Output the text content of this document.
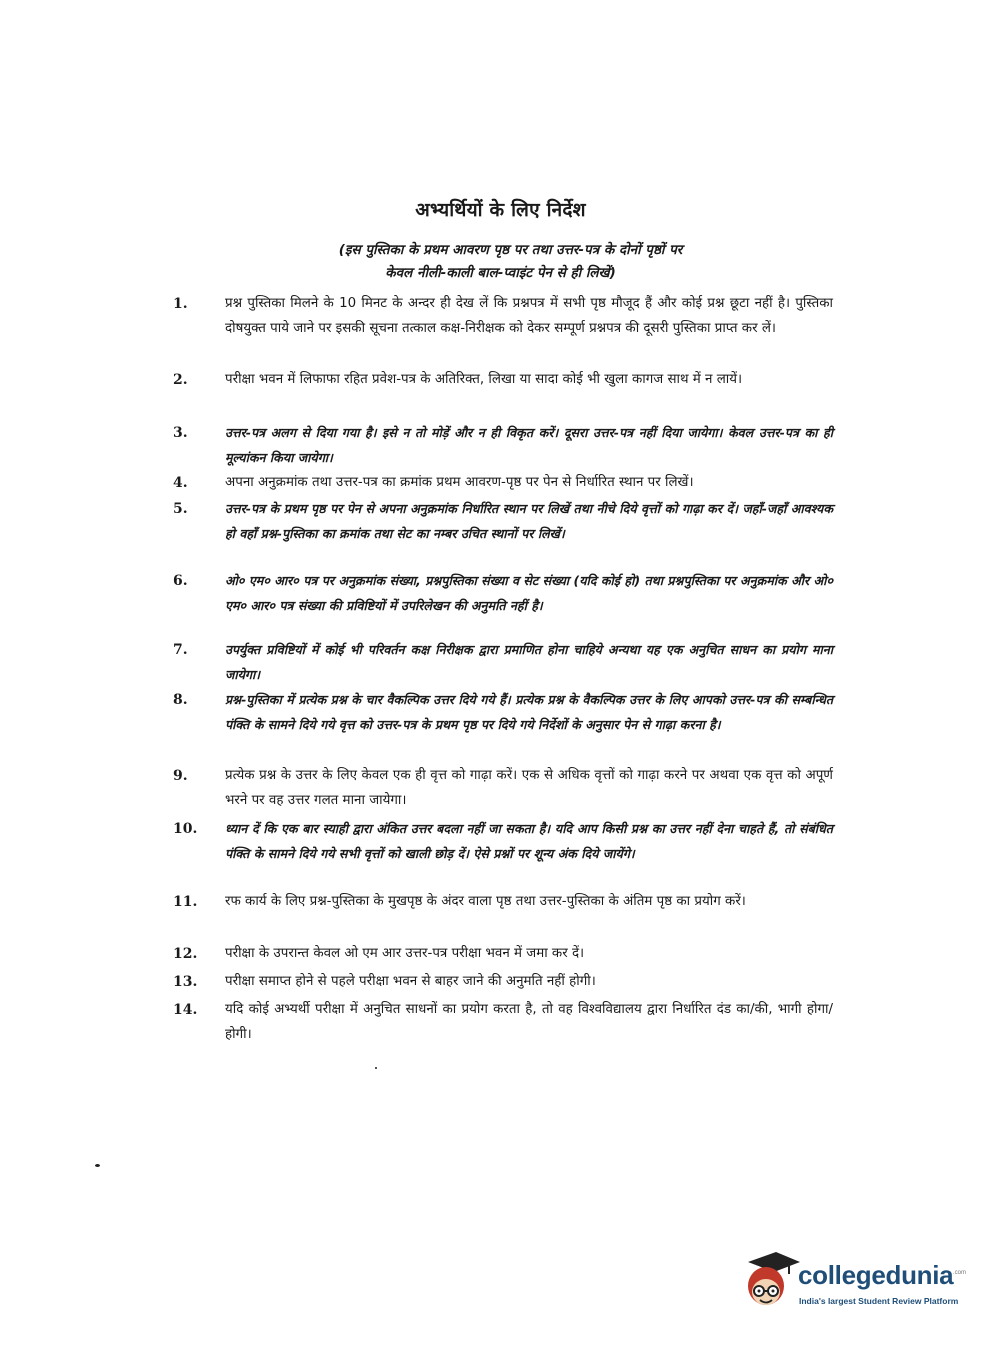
अभ्यर्थियों के लिए निर्देश
(इस पुस्तिका के प्रथम आवरण पृष्ठ पर तथा उत्तर-पत्र के दोनों पृष्ठों पर
केवल नीली-काली बाल-प्वाइंट पेन से ही लिखें)
1.	प्रश्न पुस्तिका मिलने के 10 मिनट के अन्दर ही देख लें कि प्रश्नपत्र में सभी पृष्ठ मौजूद हैं और कोई प्रश्न छूटा नहीं है। पुस्तिका दोषयुक्त पाये जाने पर इसकी सूचना तत्काल कक्ष-निरीक्षक को देकर सम्पूर्ण प्रश्नपत्र की दूसरी पुस्तिका प्राप्त कर लें।
2.	परीक्षा भवन में लिफाफा रहित प्रवेश-पत्र के अतिरिक्त, लिखा या सादा कोई भी खुला कागज साथ में न लायें।
3.	उत्तर-पत्र अलग से दिया गया है। इसे न तो मोड़ें और न ही विकृत करें। दूसरा उत्तर-पत्र नहीं दिया जायेगा। केवल उत्तर-पत्र का ही मूल्यांकन किया जायेगा।
4.	अपना अनुक्रमांक तथा उत्तर-पत्र का क्रमांक प्रथम आवरण-पृष्ठ पर पेन से निर्धारित स्थान पर लिखें।
5.	उत्तर-पत्र के प्रथम पृष्ठ पर पेन से अपना अनुक्रमांक निर्धारित स्थान पर लिखें तथा नीचे दिये वृत्तों को गाढ़ा कर दें। जहाँ-जहाँ आवश्यक हो वहाँ प्रश्न-पुस्तिका का क्रमांक तथा सेट का नम्बर उचित स्थानों पर लिखें।
6.	ओ० एम० आर० पत्र पर अनुक्रमांक संख्या, प्रश्नपुस्तिका संख्या व सेट संख्या (यदि कोई हो) तथा प्रश्नपुस्तिका पर अनुक्रमांक और ओ० एम० आर० पत्र संख्या की प्रविष्टियों में उपरिलेखन की अनुमति नहीं है।
7.	उपर्युक्त प्रविष्टियों में कोई भी परिवर्तन कक्ष निरीक्षक द्वारा प्रमाणित होना चाहिये अन्यथा यह एक अनुचित साधन का प्रयोग माना जायेगा।
8.	प्रश्न-पुस्तिका में प्रत्येक प्रश्न के चार वैकल्पिक उत्तर दिये गये हैं। प्रत्येक प्रश्न के वैकल्पिक उत्तर के लिए आपको उत्तर-पत्र की सम्बन्धित पंक्ति के सामने दिये गये वृत्त को उत्तर-पत्र के प्रथम पृष्ठ पर दिये गये निर्देशों के अनुसार पेन से गाढ़ा करना है।
9.	प्रत्येक प्रश्न के उत्तर के लिए केवल एक ही वृत्त को गाढ़ा करें। एक से अधिक वृत्तों को गाढ़ा करने पर अथवा एक वृत्त को अपूर्ण भरने पर वह उत्तर गलत माना जायेगा।
10.	ध्यान दें कि एक बार स्याही द्वारा अंकित उत्तर बदला नहीं जा सकता है। यदि आप किसी प्रश्न का उत्तर नहीं देना चाहते हैं, तो संबंधित पंक्ति के सामने दिये गये सभी वृत्तों को खाली छोड़ दें। ऐसे प्रश्नों पर शून्य अंक दिये जायेंगे।
11.	रफ कार्य के लिए प्रश्न-पुस्तिका के मुखपृष्ठ के अंदर वाला पृष्ठ तथा उत्तर-पुस्तिका के अंतिम पृष्ठ का प्रयोग करें।
12.	परीक्षा के उपरान्त केवल ओ एम आर उत्तर-पत्र परीक्षा भवन में जमा कर दें।
13.	परीक्षा समाप्त होने से पहले परीक्षा भवन से बाहर जाने की अनुमति नहीं होगी।
14.	यदि कोई अभ्यर्थी परीक्षा में अनुचित साधनों का प्रयोग करता है, तो वह विश्वविद्यालय द्वारा निर्धारित दंड का/की, भागी होगा/होगी।
collegedunia .com
India's largest Student Review Platform
